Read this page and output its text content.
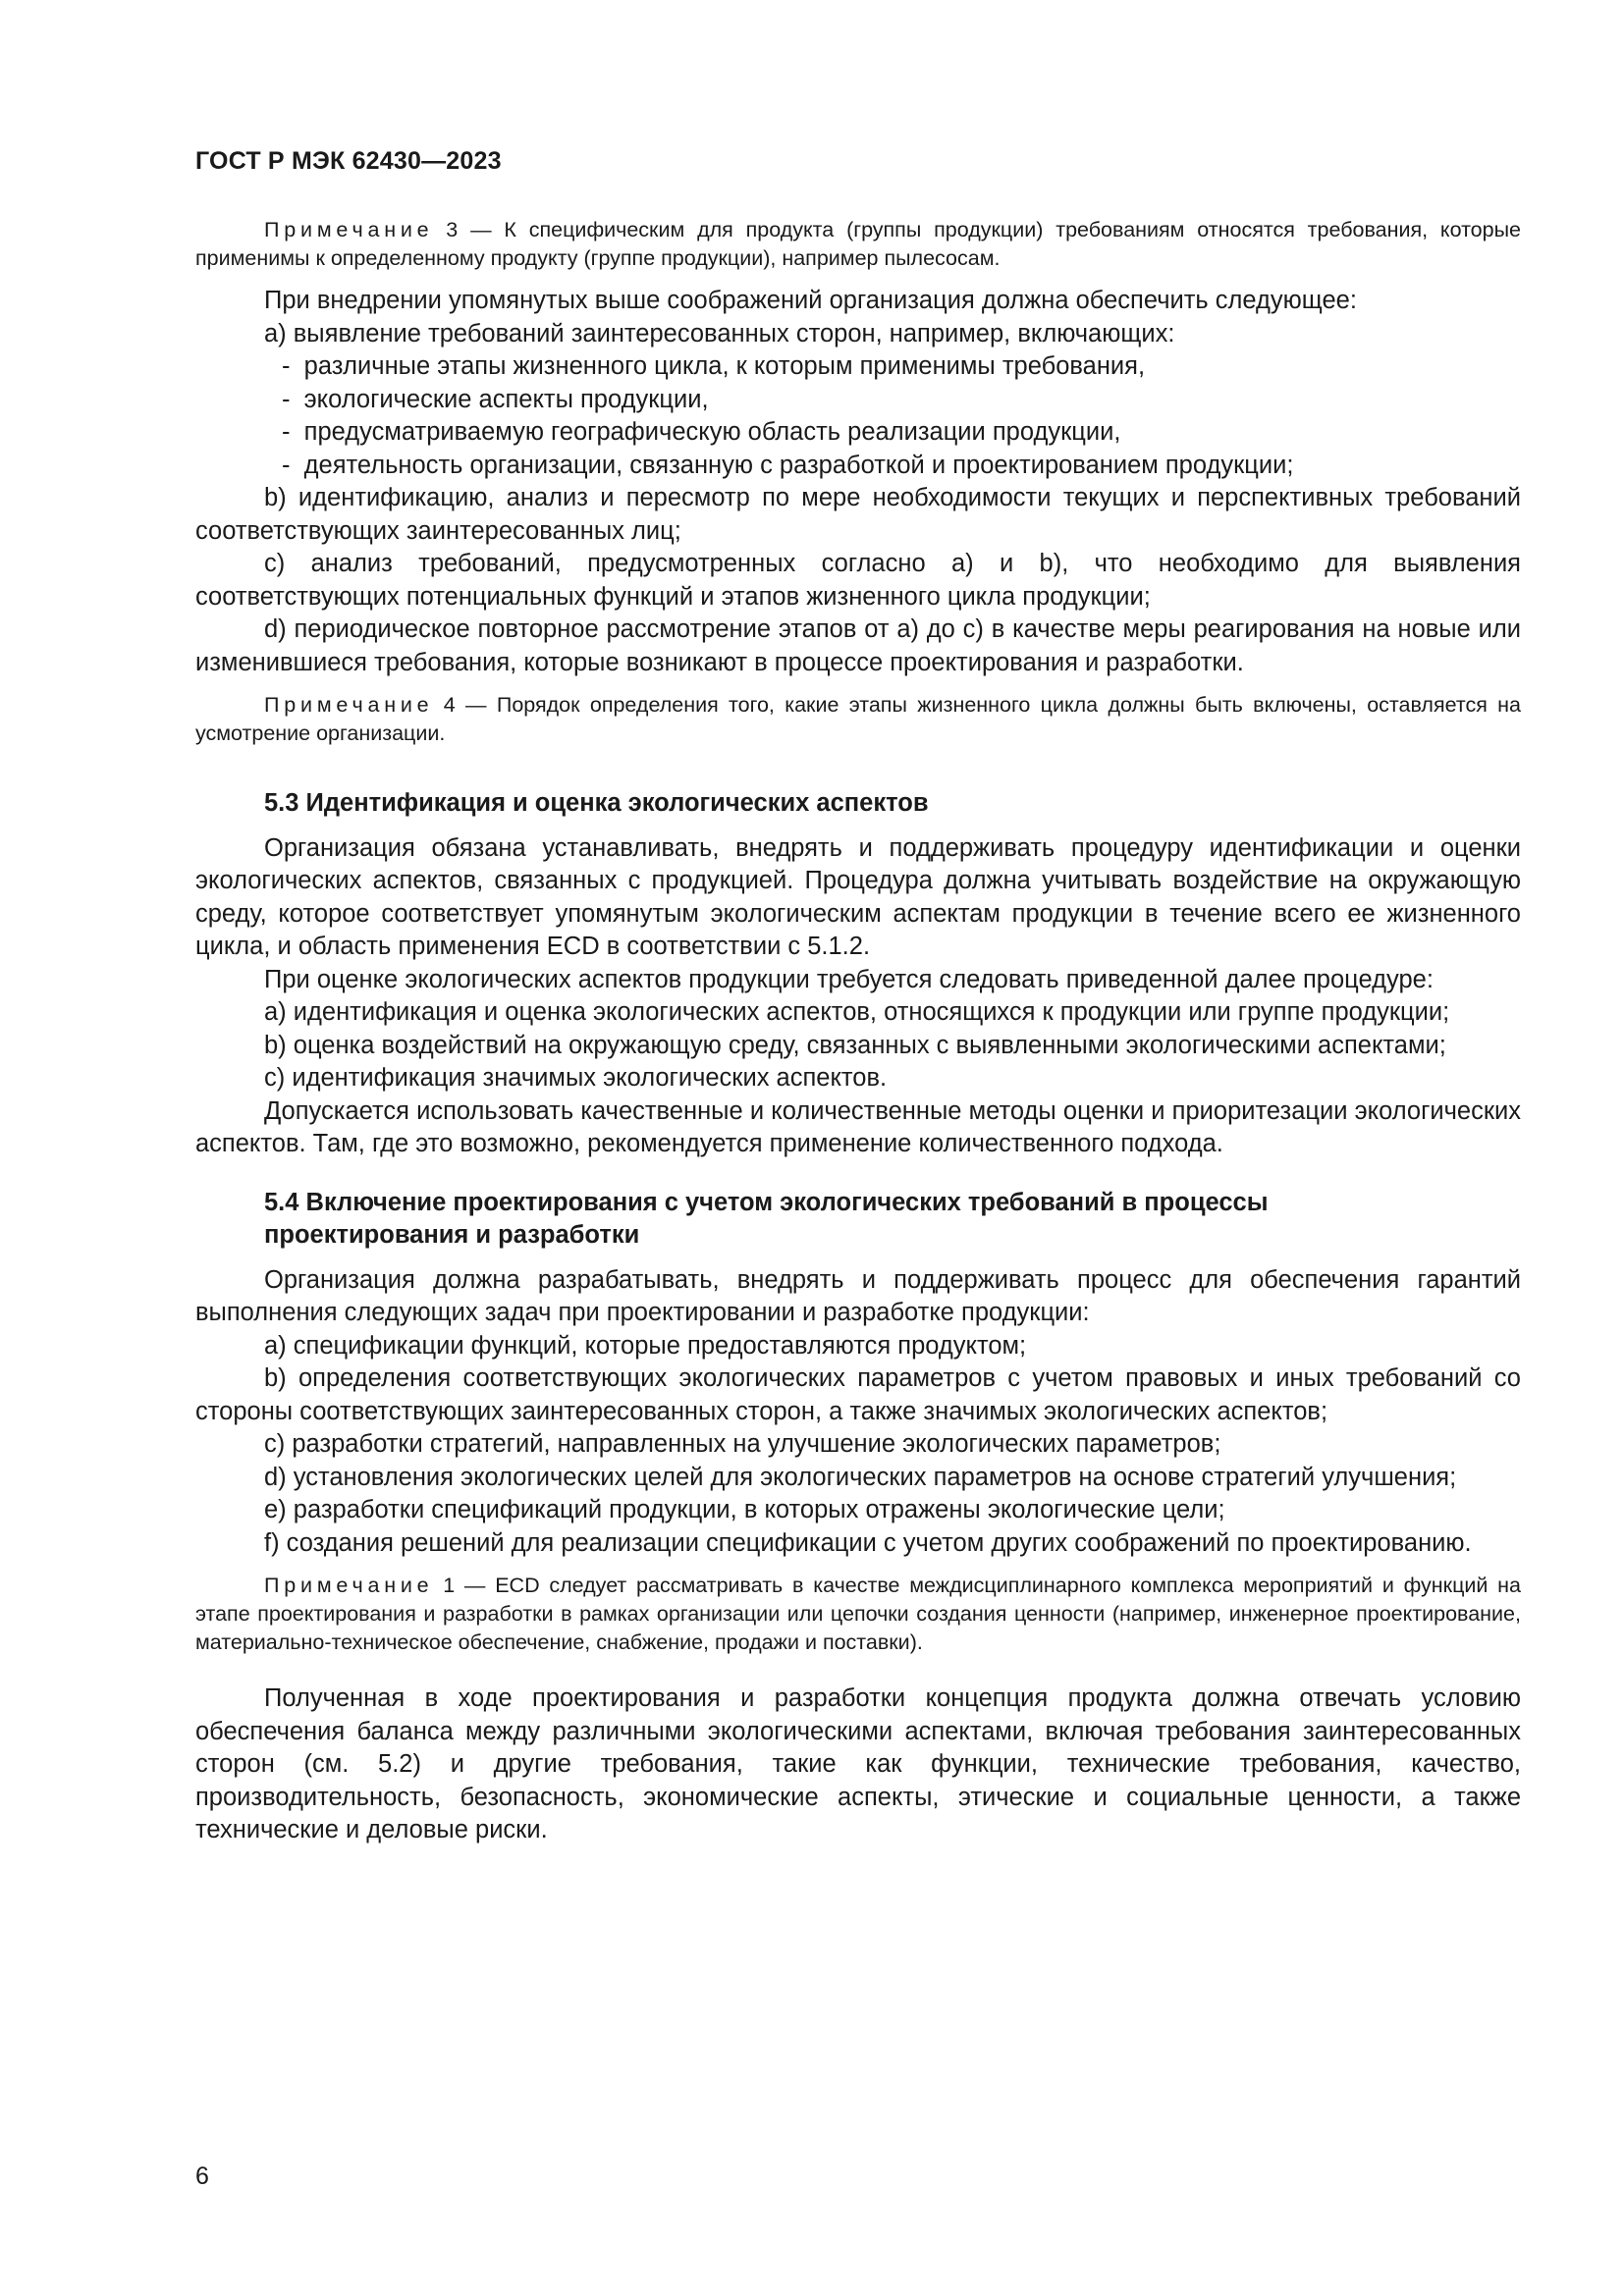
ГОСТ Р МЭК 62430—2023

Примечание 3 — К специфическим для продукта (группы продукции) требованиям относятся требования, которые применимы к определенному продукту (группе продукции), например пылесосам.

При внедрении упомянутых выше соображений организация должна обеспечить следующее:

a) выявление требований заинтересованных сторон, например, включающих:

-  различные этапы жизненного цикла, к которым применимы требования,

-  экологические аспекты продукции,

-  предусматриваемую географическую область реализации продукции,

-  деятельность организации, связанную с разработкой и проектированием продукции;

b) идентификацию, анализ и пересмотр по мере необходимости текущих и перспективных требований соответствующих заинтересованных лиц;

c) анализ требований, предусмотренных согласно a) и b), что необходимо для выявления соответствующих потенциальных функций и этапов жизненного цикла продукции;

d) периодическое повторное рассмотрение этапов от a) до c) в качестве меры реагирования на новые или изменившиеся требования, которые возникают в процессе проектирования и разработки.

Примечание 4 — Порядок определения того, какие этапы жизненного цикла должны быть включены, оставляется на усмотрение организации.

5.3 Идентификация и оценка экологических аспектов

Организация обязана устанавливать, внедрять и поддерживать процедуру идентификации и оценки экологических аспектов, связанных с продукцией. Процедура должна учитывать воздействие на окружающую среду, которое соответствует упомянутым экологическим аспектам продукции в течение всего ее жизненного цикла, и область применения ECD в соответствии с 5.1.2.

При оценке экологических аспектов продукции требуется следовать приведенной далее процедуре:

a) идентификация и оценка экологических аспектов, относящихся к продукции или группе продукции;

b) оценка воздействий на окружающую среду, связанных с выявленными экологическими аспектами;

c) идентификация значимых экологических аспектов.

Допускается использовать качественные и количественные методы оценки и приоритезации экологических аспектов. Там, где это возможно, рекомендуется применение количественного подхода.

5.4 Включение проектирования с учетом экологических требований в процессы проектирования и разработки

Организация должна разрабатывать, внедрять и поддерживать процесс для обеспечения гарантий выполнения следующих задач при проектировании и разработке продукции:

a) спецификации функций, которые предоставляются продуктом;

b) определения соответствующих экологических параметров с учетом правовых и иных требований со стороны соответствующих заинтересованных сторон, а также значимых экологических аспектов;

c) разработки стратегий, направленных на улучшение экологических параметров;

d) установления экологических целей для экологических параметров на основе стратегий улучшения;

e) разработки спецификаций продукции, в которых отражены экологические цели;

f) создания решений для реализации спецификации с учетом других соображений по проектированию.

Примечание 1 — ECD следует рассматривать в качестве междисциплинарного комплекса мероприятий и функций на этапе проектирования и разработки в рамках организации или цепочки создания ценности (например, инженерное проектирование, материально-техническое обеспечение, снабжение, продажи и поставки).

Полученная в ходе проектирования и разработки концепция продукта должна отвечать условию обеспечения баланса между различными экологическими аспектами, включая требования заинтересованных сторон (см. 5.2) и другие требования, такие как функции, технические требования, качество, производительность, безопасность, экономические аспекты, этические и социальные ценности, а также технические и деловые риски.

6
